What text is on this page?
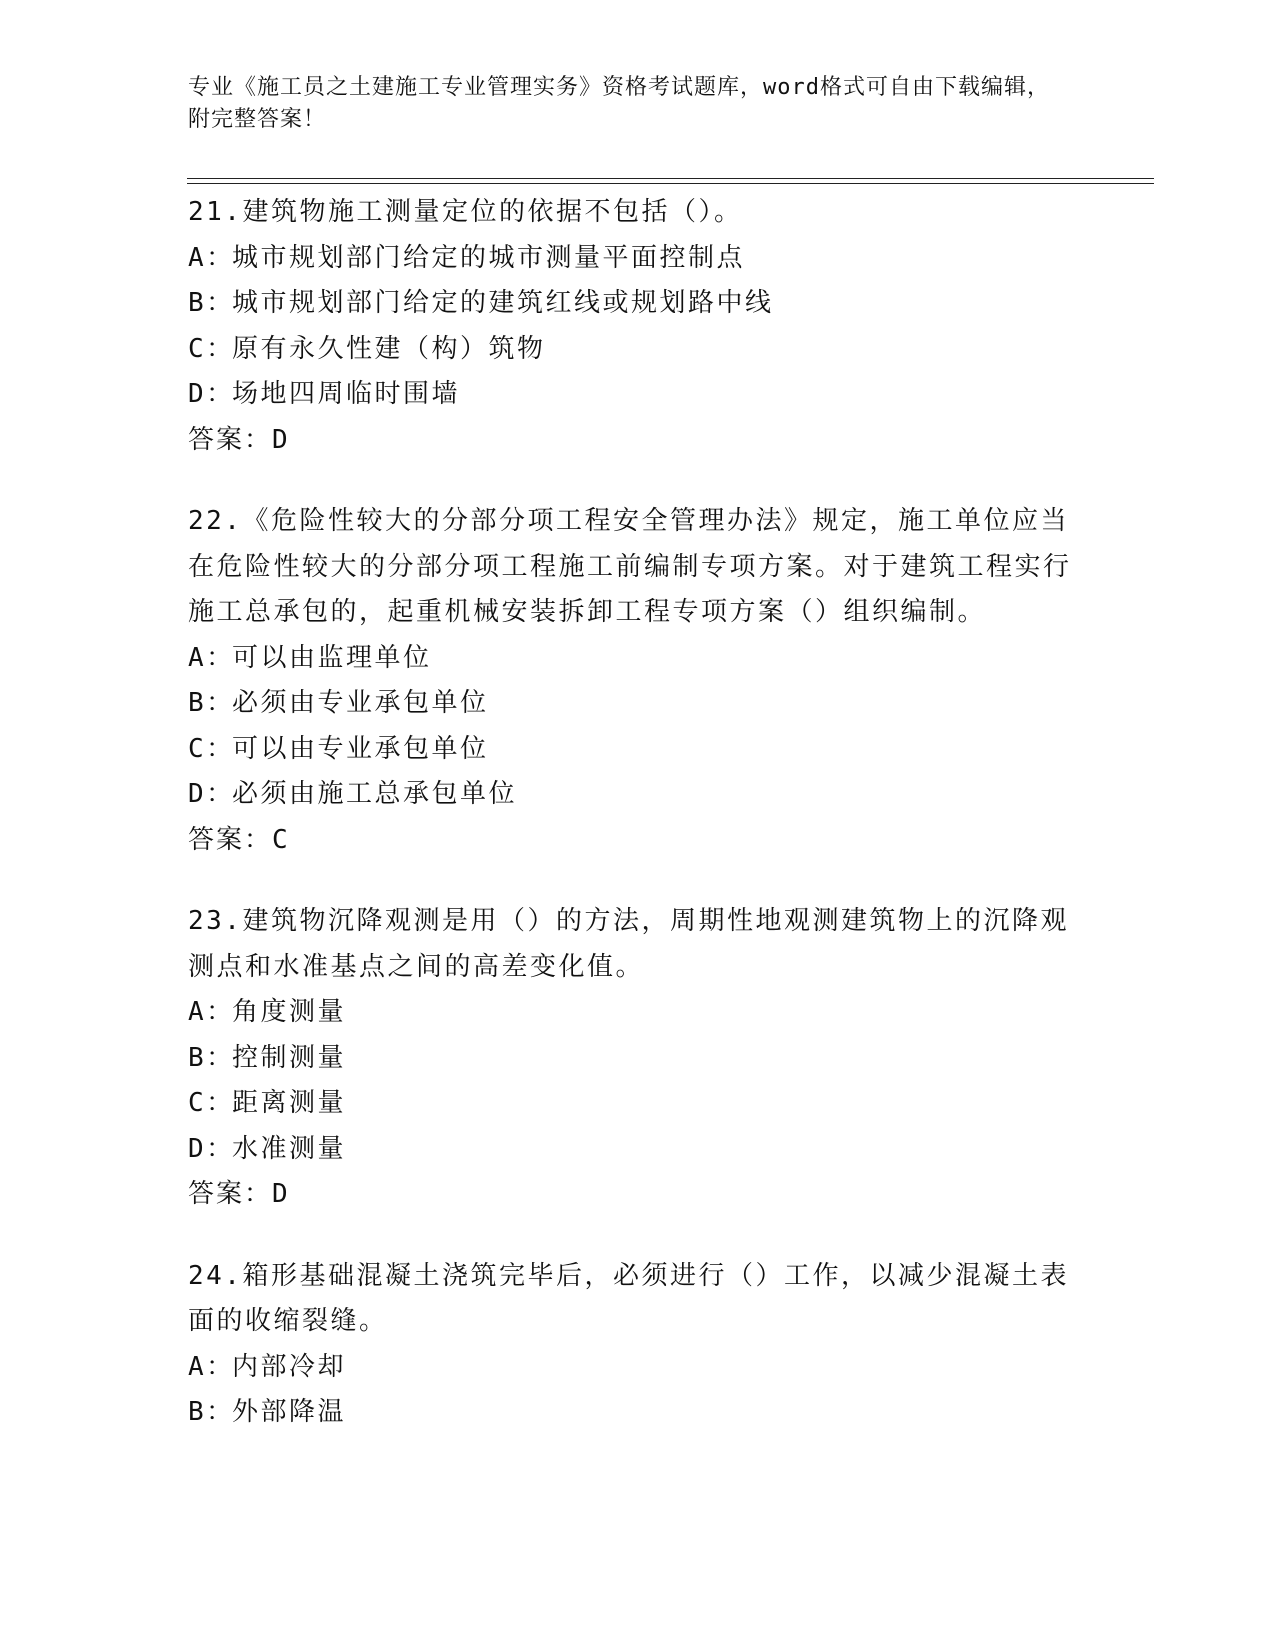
专业《施工员之土建施工专业管理实务》资格考试题库，word格式可自由下载编辑，附完整答案！
21.建筑物施工测量定位的依据不包括（）。
A：城市规划部门给定的城市测量平面控制点
B：城市规划部门给定的建筑红线或规划路中线
C：原有永久性建（构）筑物
D：场地四周临时围墙
答案：D
22.《危险性较大的分部分项工程安全管理办法》规定，施工单位应当在危险性较大的分部分项工程施工前编制专项方案。对于建筑工程实行施工总承包的，起重机械安装拆卸工程专项方案（）组织编制。
A：可以由监理单位
B：必须由专业承包单位
C：可以由专业承包单位
D：必须由施工总承包单位
答案：C
23.建筑物沉降观测是用（）的方法，周期性地观测建筑物上的沉降观测点和水准基点之间的高差变化值。
A：角度测量
B：控制测量
C：距离测量
D：水准测量
答案：D
24.箱形基础混凝土浇筑完毕后，必须进行（）工作，以减少混凝土表面的收缩裂缝。
A：内部冷却
B：外部降温
